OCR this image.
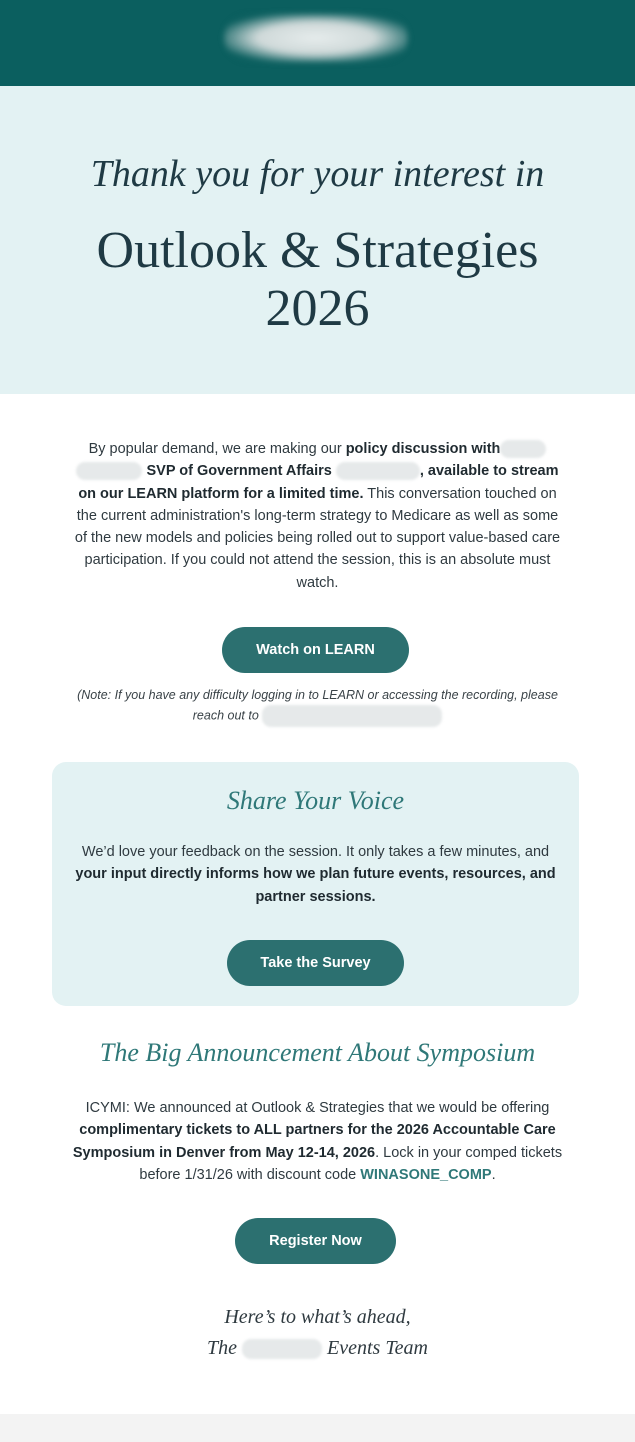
Thank you for your interest in
Outlook & Strategies 2026
By popular demand, we are making our policy discussion with
SVP of Government Affairs	, available to stream on our LEARN platform for a limited time. This conversation touched on the current administration's long-term strategy to Medicare as well as some of the new models and policies being rolled out to support value-based care participation. If you could not attend the session, this is an absolute must watch.
Watch on LEARN
(Note: If you have any difficulty logging in to LEARN or accessing the recording, please reach out to
Share Your Voice
We’d love your feedback on the session. It only takes a few minutes, and your input directly informs how we plan future events, resources, and partner sessions.
Take the Survey
The Big Announcement About Symposium
ICYMI: We announced at Outlook & Strategies that we would be offering complimentary tickets to ALL partners for the 2026 Accountable Care Symposium in Denver from May 12-14, 2026. Lock in your comped tickets before 1/31/26 with discount code WINASONE_COMP.
Register Now
Here’s to what’s ahead,
The	Events Team
